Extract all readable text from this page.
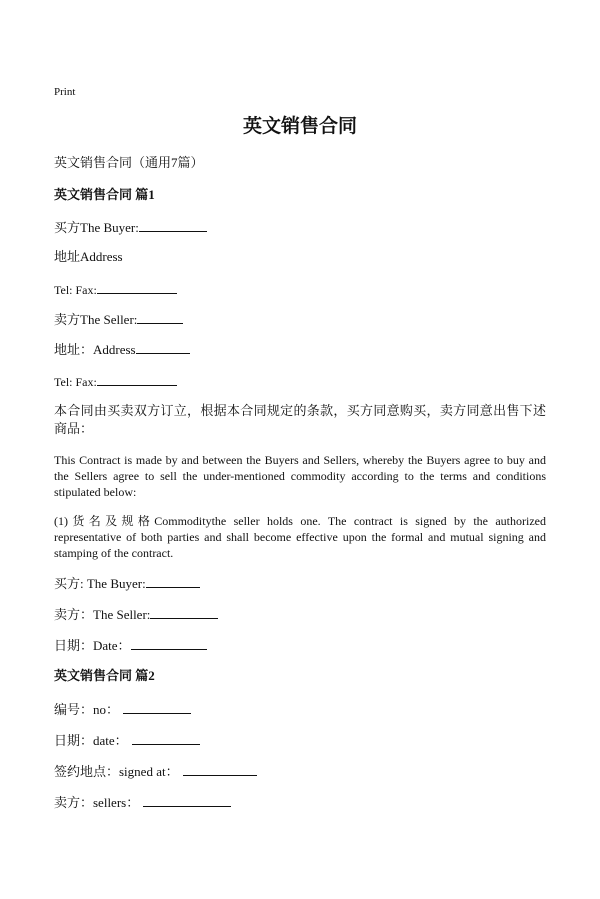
Print
英文销售合同
英文销售合同（通用7篇）
英文销售合同 篇1
买方The Buyer:
地址Address
Tel: Fax:
卖方The Seller:
地址：Address
Tel: Fax:
本合同由买卖双方订立，根据本合同规定的条款，买方同意购买，卖方同意出售下述商品：
This Contract is made by and between the Buyers and Sellers, whereby the Buyers agree to buy and the Sellers agree to sell the under-mentioned commodity according to the terms and conditions stipulated below:
(1)货名及规格Commoditythe seller holds one. The contract is signed by the authorized representative of both parties and shall become effective upon the formal and mutual signing and stamping of the contract.
买方: The Buyer:
卖方：The Seller:
日期：Date：
英文销售合同 篇2
编号：no：
日期：date：
签约地点：signed at：
卖方：sellers：
